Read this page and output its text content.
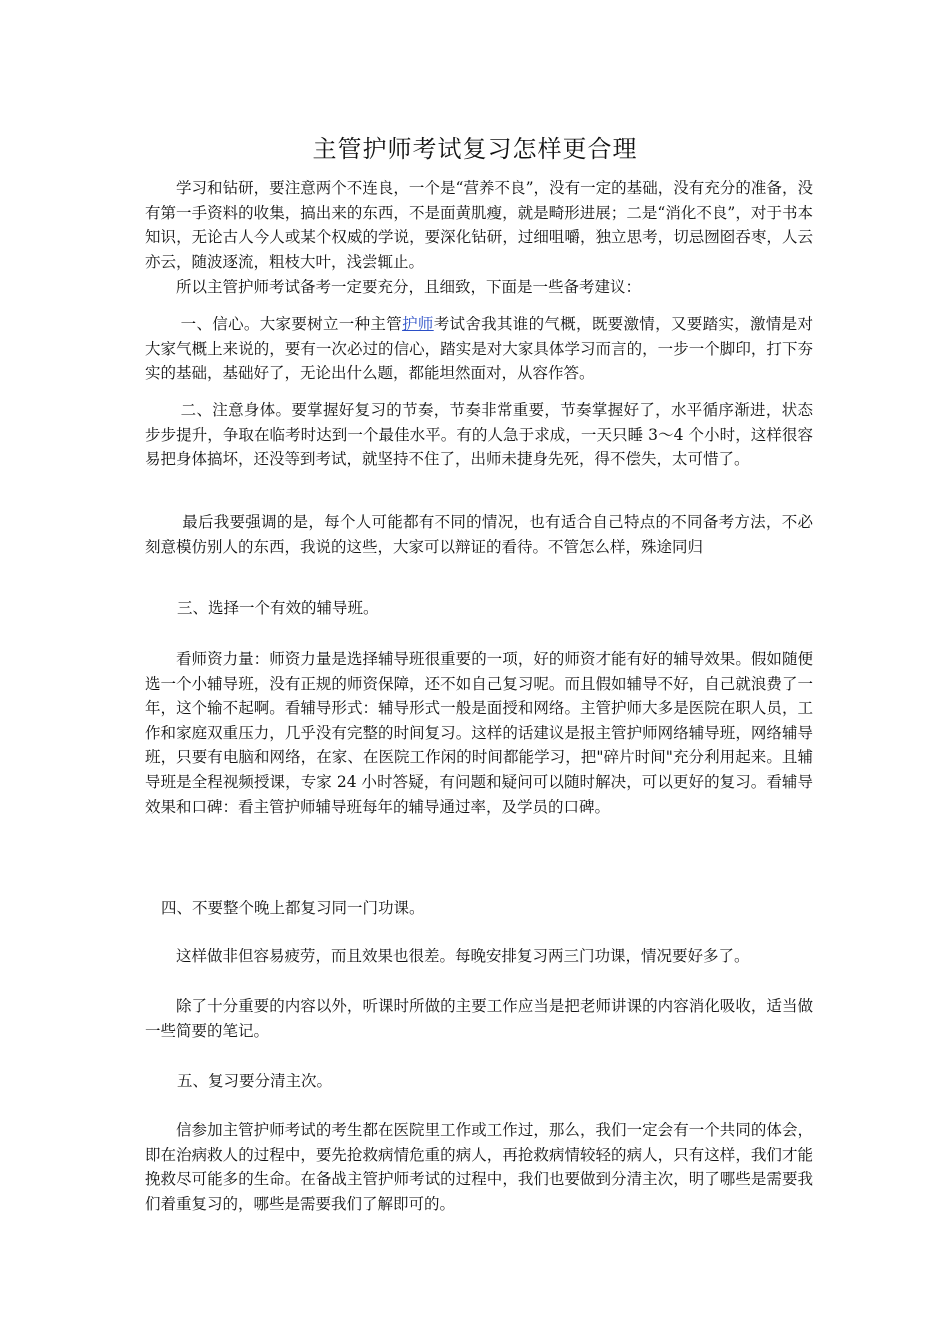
主管护师考试复习怎样更合理

学习和钻研，要注意两个不连良，一个是“营养不良”，没有一定的基础，没有充分的准备，没有第一手资料的收集，搞出来的东西，不是面黄肌瘦，就是畸形进展；二是“消化不良”，对于书本知识，无论古人今人或某个权威的学说，要深化钻研，过细咀嚼，独立思考，切忌囫囵吞枣，人云亦云，随波逐流，粗枝大叶，浅尝辄止。

所以主管护师考试备考一定要充分，且细致，下面是一些备考建议：

一、信心。大家要树立一种主管护师考试舍我其谁的气概，既要激情，又要踏实，激情是对大家气概上来说的，要有一次必过的信心，踏实是对大家具体学习而言的，一步一个脚印，打下夯实的基础，基础好了，无论出什么题，都能坦然面对，从容作答。

二、注意身体。要掌握好复习的节奏，节奏非常重要，节奏掌握好了，水平循序渐进，状态步步提升，争取在临考时达到一个最佳水平。有的人急于求成，一天只睡 3～4 个小时，这样很容易把身体搞坏，还没等到考试，就坚持不住了，出师未捷身先死，得不偿失，太可惜了。

最后我要强调的是，每个人可能都有不同的情况，也有适合自己特点的不同备考方法，不必刻意模仿别人的东西，我说的这些，大家可以辩证的看待。不管怎么样，殊途同归

三、选择一个有效的辅导班。

看师资力量：师资力量是选择辅导班很重要的一项，好的师资才能有好的辅导效果。假如随便选一个小辅导班，没有正规的师资保障，还不如自己复习呢。而且假如辅导不好，自己就浪费了一年，这个输不起啊。看辅导形式：辅导形式一般是面授和网络。主管护师大多是医院在职人员，工作和家庭双重压力，几乎没有完整的时间复习。这样的话建议是报主管护师网络辅导班，网络辅导班，只要有电脑和网络，在家、在医院工作闲的时间都能学习，把"碎片时间"充分利用起来。且辅导班是全程视频授课，专家 24 小时答疑，有问题和疑问可以随时解决，可以更好的复习。看辅导效果和口碑：看主管护师辅导班每年的辅导通过率，及学员的口碑。

四、不要整个晚上都复习同一门功课。

这样做非但容易疲劳，而且效果也很差。每晚安排复习两三门功课，情况要好多了。

除了十分重要的内容以外，听课时所做的主要工作应当是把老师讲课的内容消化吸收，适当做一些简要的笔记。

五、复习要分清主次。

信参加主管护师考试的考生都在医院里工作或工作过，那么，我们一定会有一个共同的体会，即在治病救人的过程中，要先抢救病情危重的病人，再抢救病情较轻的病人，只有这样，我们才能挽救尽可能多的生命。在备战主管护师考试的过程中，我们也要做到分清主次，明了哪些是需要我们着重复习的，哪些是需要我们了解即可的。
